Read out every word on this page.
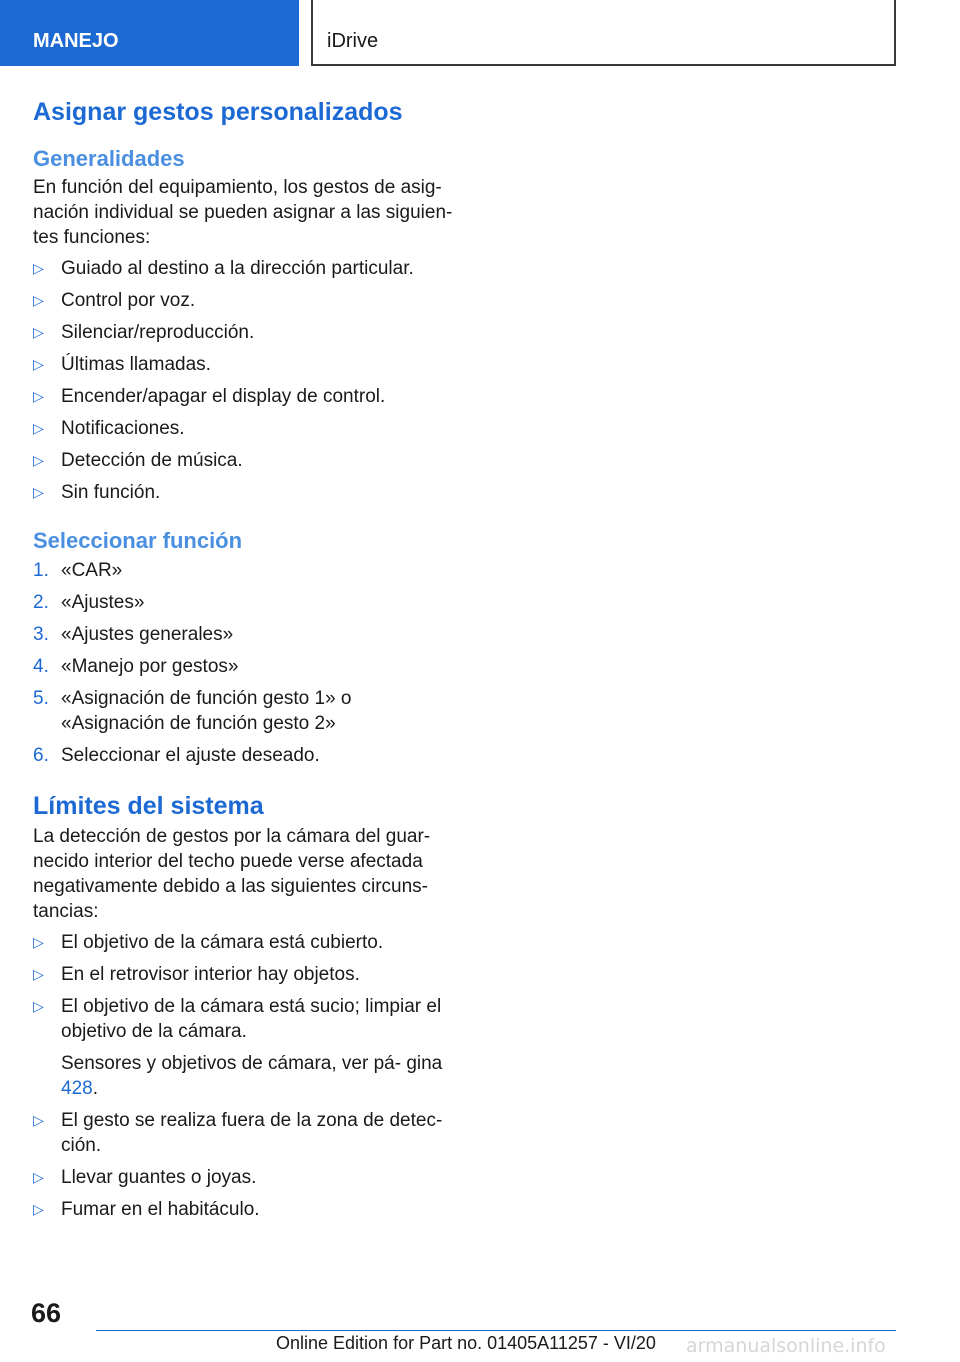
MANEJO	iDrive
Asignar gestos personalizados
Generalidades

En función del equipamiento, los gestos de asig- nación individual se pueden asignar a las siguien- tes funciones:

▷ Guiado al destino a la dirección particular.
▷ Control por voz.
▷ Silenciar/reproducción.
▷ Últimas llamadas.
▷ Encender/apagar el display de control.
▷ Notificaciones.
▷ Detección de música.
▷ Sin función.
Seleccionar función
1. «CAR»
2. «Ajustes»
3. «Ajustes generales»
4. «Manejo por gestos»
5. «Asignación de función gesto 1» o «Asignación de función gesto 2»
6. Seleccionar el ajuste deseado.
Límites del sistema

La detección de gestos por la cámara del guar- necido interior del techo puede verse afectada negativamente debido a las siguientes circuns- tancias:

▷ El objetivo de la cámara está cubierto.
▷ En el retrovisor interior hay objetos.
▷ El objetivo de la cámara está sucio; limpiar el objetivo de la cámara.
Sensores y objetivos de cámara, ver pá- gina 428.
▷ El gesto se realiza fuera de la zona de detec- ción.
▷ Llevar guantes o joyas.
▷ Fumar en el habitáculo.
66
Online Edition for Part no. 01405A11257 - VI/20 armanualsonline.info
